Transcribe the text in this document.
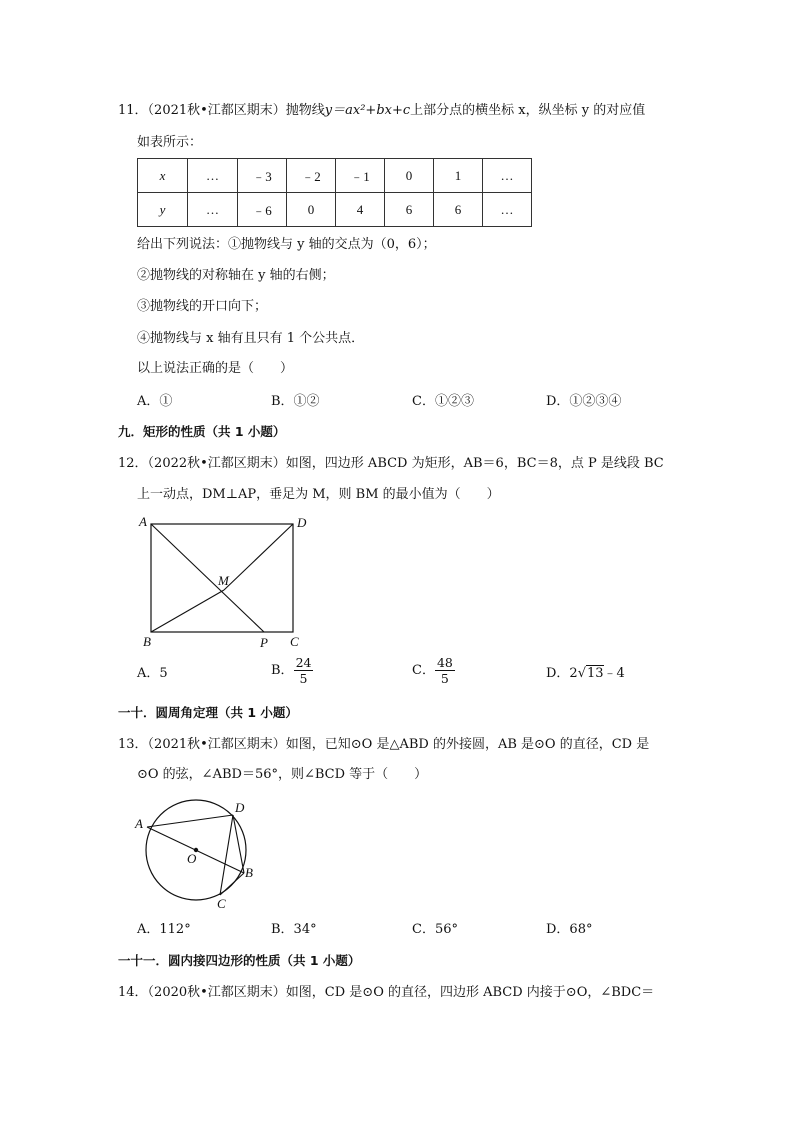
11．（2021秋•江都区期末）抛物线y＝ax²+bx+c上部分点的横坐标 x，纵坐标 y 的对应值
如表所示：
x	…	﹣3	﹣2	﹣1	0	1	…
y	…	﹣6	0	4	6	6	…
给出下列说法：①抛物线与 y 轴的交点为（0，6）；
②抛物线的对称轴在 y 轴的右侧；
③抛物线的开口向下；
④抛物线与 x 轴有且只有 1 个公共点．
以上说法正确的是（　　）
A．①	B．①②	C．①②③	D．①②③④
九．矩形的性质（共 1 小题）
12．（2022秋•江都区期末）如图，四边形 ABCD 为矩形，AB＝6，BC＝8，点 P 是线段 BC
上一动点，DM⊥AP，垂足为 M，则 BM 的最小值为（　　）
A	D
B	C
P
M
A．5	B． $\frac{24}{5}$	C． $\frac{48}{5}$	D．2√13﹣4
一十．圆周角定理（共 1 小题）
13．（2021秋•江都区期末）如图，已知⊙O 是△ABD 的外接圆，AB 是⊙O 的直径，CD 是
⊙O 的弦，∠ABD＝56°，则∠BCD 等于（　　）
A
D
B
C
O
A．112°	B．34°	C．56°	D．68°
一十一．圆内接四边形的性质（共 1 小题）
14．（2020秋•江都区期末）如图，CD 是⊙O 的直径，四边形 ABCD 内接于⊙O，∠BDC＝
